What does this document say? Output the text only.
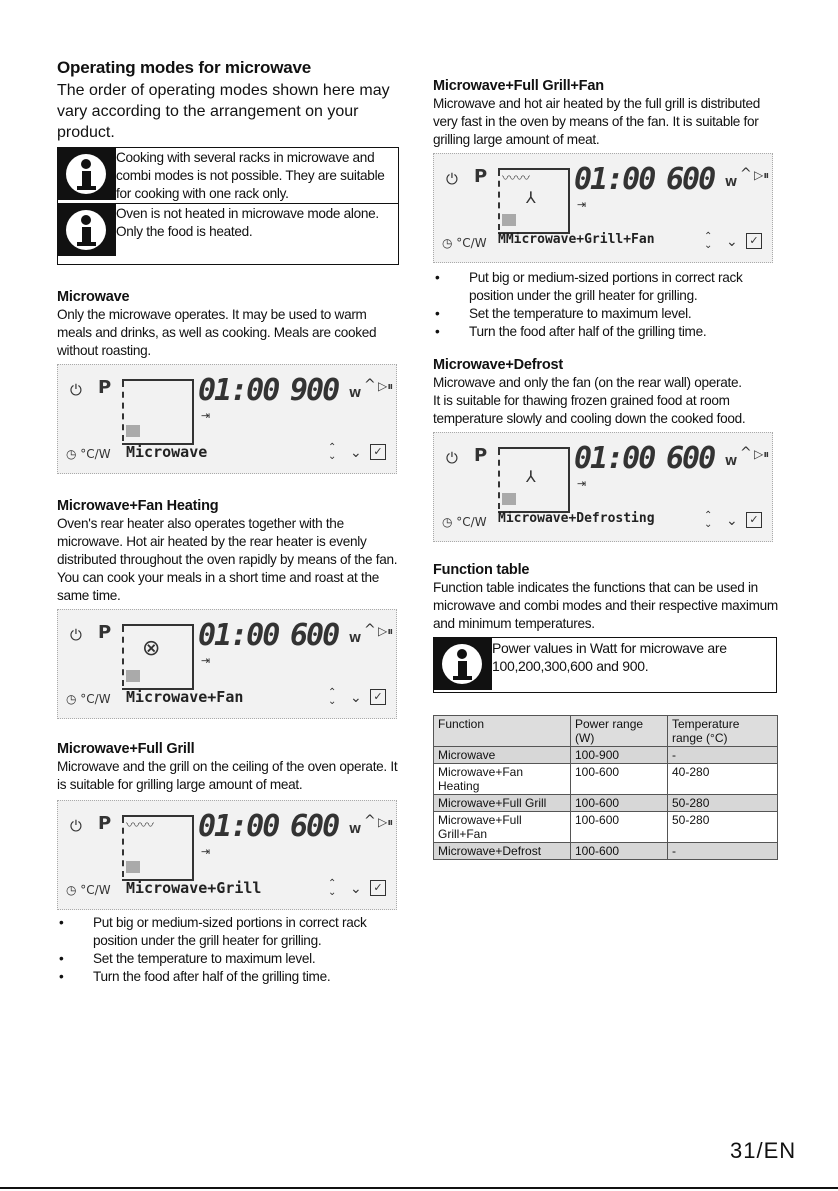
Operating modes for microwave

The order of operating modes shown here may vary according to the arrangement on your product.

Cooking with several racks in microwave and combi modes is not possible. They are suitable for cooking with one rack only.
Oven is not heated in microwave mode alone. Only the food is heated.
Microwave

Only the microwave operates. It may be used to warm meals and drinks, as well as cooking. Meals are cooked without roasting.

⏻ P	01:00
⇥
900 W
^ ▷⏸
◷ °C/W Microwave	⌃
⌄ ⌄	✓
Microwave+Fan Heating

Oven's rear heater also operates together with the microwave. Hot air heated by the rear heater is evenly distributed throughout the oven rapidly by means of the fan. You can cook your meals in a short time and roast at the same time.

⏻ P
⊗ 01:00
⇥
600 W
^ ▷⏸
◷ °C/W Microwave+Fan	⌃
⌄ ⌄	✓
Microwave+Full Grill

Microwave and the grill on the ceiling of the oven operate. It is suitable for grilling large amount of meat.

⏻ P 〰〰 01:00
⇥
600 W
^ ▷⏸
◷ °C/W Microwave+Grill	⌃
⌄ ⌄	✓
• Put big or medium-sized portions in correct rack position under the grill heater for grilling.
• Set the temperature to maximum level.
• Turn the food after half of the grilling time.
Microwave+Full Grill+Fan

Microwave and hot air heated by the full grill is distributed very fast in the oven by means of the fan. It is suitable for grilling large amount of meat.

⏻ P 〰〰
⅄
01:00
⇥
600 W
^ ▷⏸
◷ °C/W MMicrowave+Grill+Fan	⌃
⌄ ⌄	✓
• Put big or medium-sized portions in correct rack position under the grill heater for grilling.
• Set the temperature to maximum level.
• Turn the food after half of the grilling time.
Microwave+Defrost

Microwave and only the fan (on the rear wall) operate.

It is suitable for thawing frozen grained food at room temperature slowly and cooling down the cooked food.

⏻ P
⅄
01:00
⇥
600 W
^ ▷⏸
◷ °C/W Microwave+Defrosting	⌃
⌄ ⌄	✓
Function table

Function table indicates the functions that can be used in microwave and combi modes and their respective maximum and minimum temperatures.

Power values in Watt for microwave are 100,200,300,600 and 900.
Function	Power range (W)	Temperature range (°C)
Microwave	100-900	-
Microwave+Fan Heating	100-600	40-280
Microwave+Full Grill	100-600	50-280
Microwave+Full Grill+Fan	100-600	50-280
Microwave+Defrost	100-600	-
31/EN
